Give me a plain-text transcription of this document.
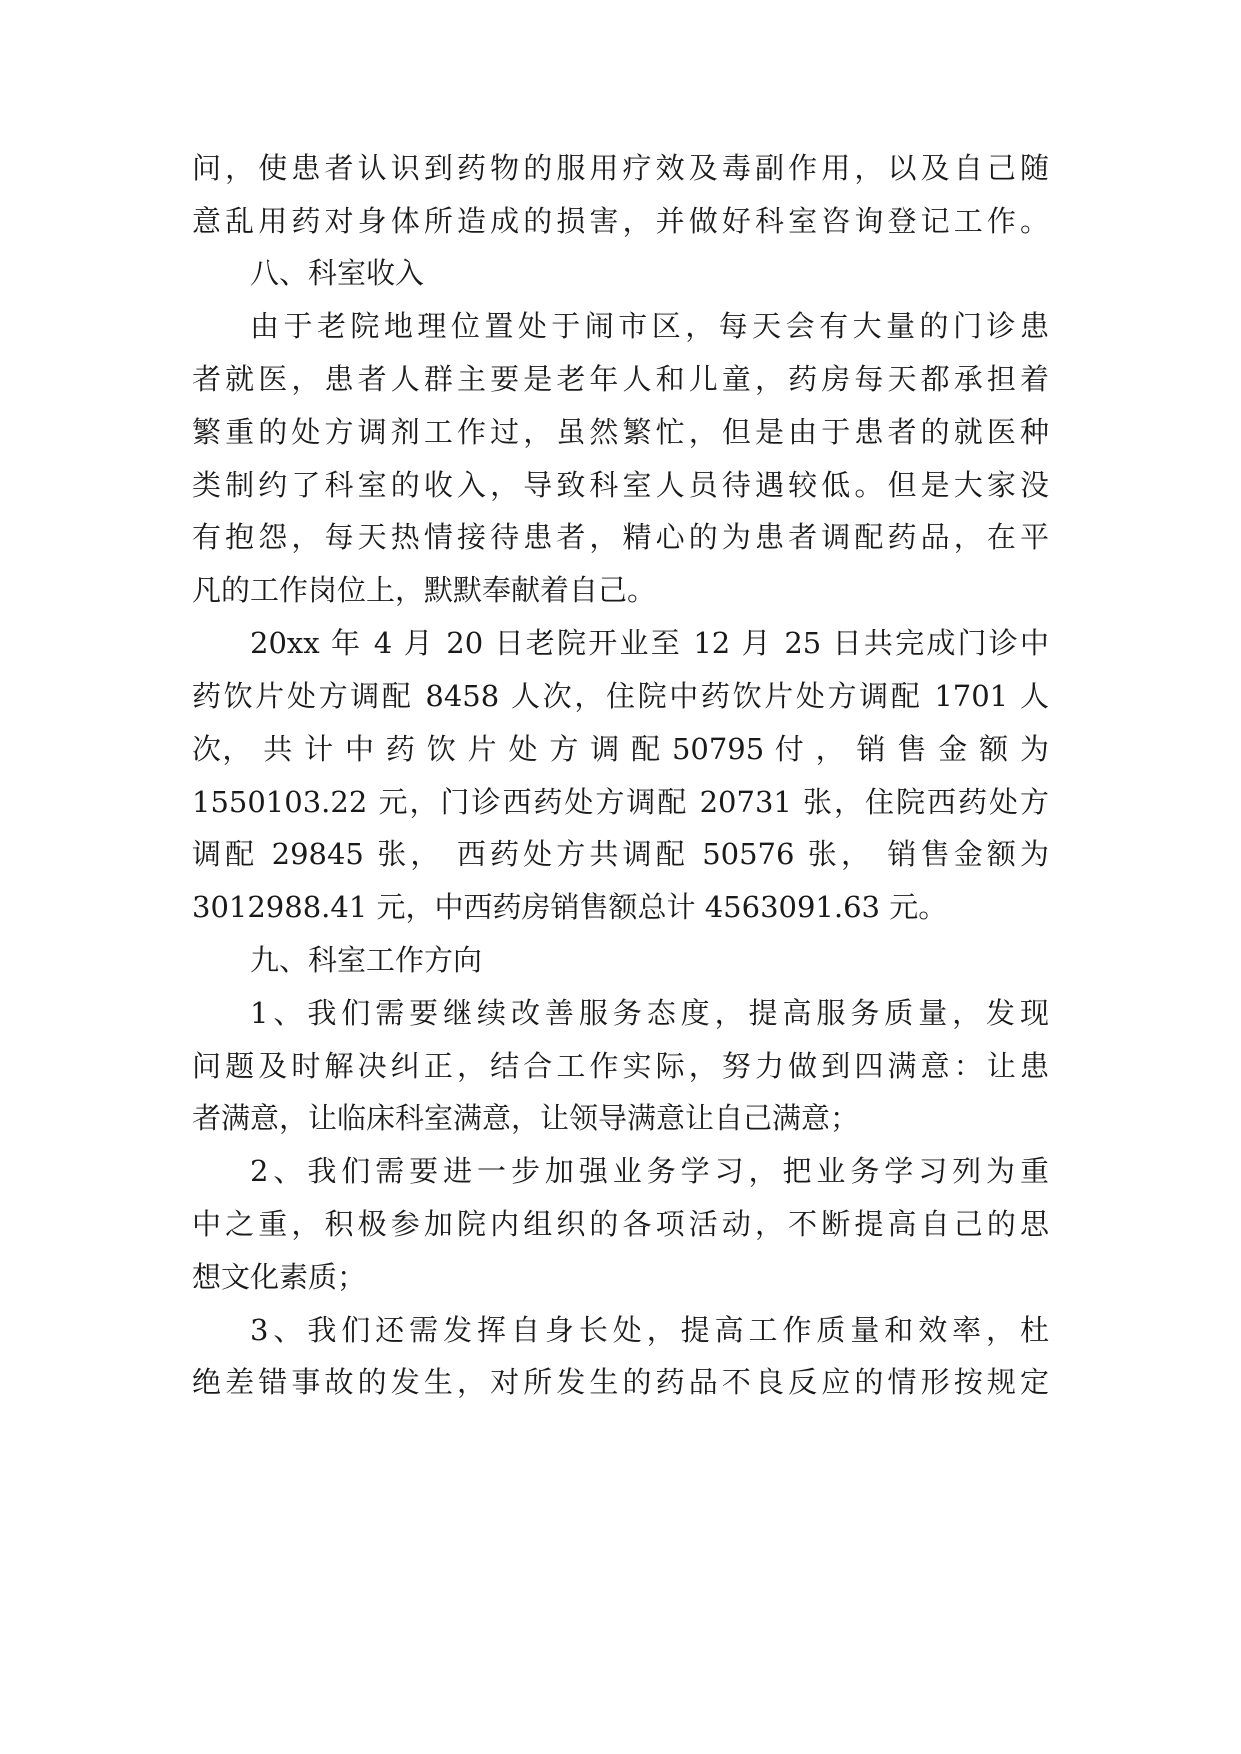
问，使患者认识到药物的服用疗效及毒副作用，以及自己随

意乱用药对身体所造成的损害，并做好科室咨询登记工作。

八、科室收入

由于老院地理位置处于闹市区，每天会有大量的门诊患

者就医，患者人群主要是老年人和儿童，药房每天都承担着

繁重的处方调剂工作过，虽然繁忙，但是由于患者的就医种

类制约了科室的收入，导致科室人员待遇较低。但是大家没

有抱怨，每天热情接待患者，精心的为患者调配药品，在平

凡的工作岗位上，默默奉献着自己。

20xx 年 4 月 20 日老院开业至 12 月 25 日共完成门诊中

药饮片处方调配 8458 人次，住院中药饮片处方调配 1701 人

次， 共 计 中 药 饮 片 处 方 调 配 50795 付 ， 销 售 金 额 为

1550103.22 元，门诊西药处方调配 20731 张，住院西药处方

调配 29845 张， 西药处方共调配 50576 张， 销售金额为

3012988.41 元，中西药房销售额总计 4563091.63 元。

九、科室工作方向

1、我们需要继续改善服务态度，提高服务质量，发现

问题及时解决纠正，结合工作实际，努力做到四满意：让患

者满意，让临床科室满意，让领导满意让自己满意；

2、我们需要进一步加强业务学习，把业务学习列为重

中之重，积极参加院内组织的各项活动，不断提高自己的思

想文化素质；

3、我们还需发挥自身长处，提高工作质量和效率，杜

绝差错事故的发生，对所发生的药品不良反应的情形按规定
